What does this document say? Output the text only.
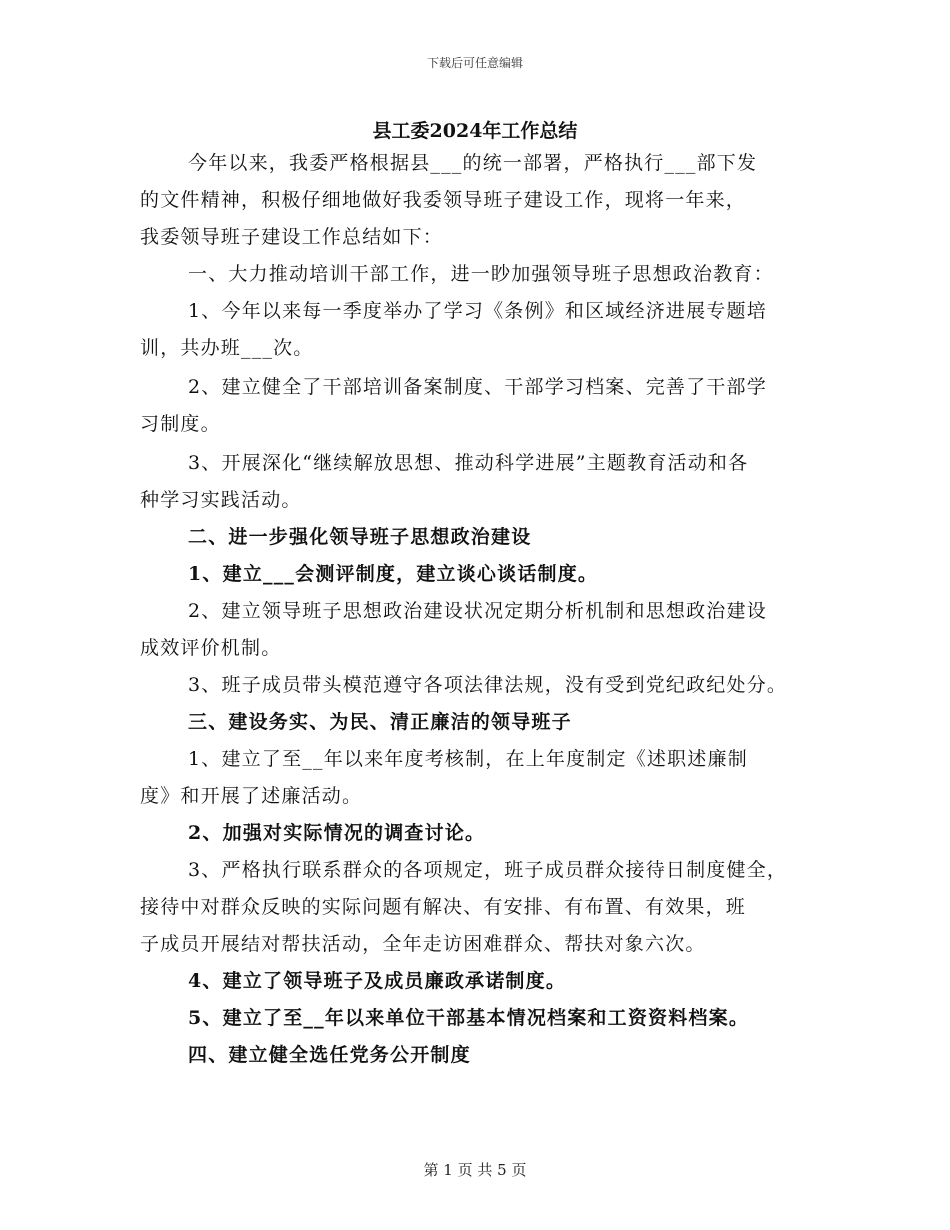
下载后可任意编辑
县工委2024年工作总结
今年以来，我委严格根据县___的统一部署，严格执行___部下发
的文件精神，积极仔细地做好我委领导班子建设工作，现将一年来，
我委领导班子建设工作总结如下：
一、大力推动培训干部工作，进一眇加强领导班子思想政治教育：
1、今年以来每一季度举办了学习《条例》和区域经济进展专题培
训，共办班___次。
2、建立健全了干部培训备案制度、干部学习档案、完善了干部学
习制度。
3、开展深化“继续解放思想、推动科学进展”主题教育活动和各
种学习实践活动。
二、进一步强化领导班子思想政治建设
1、建立___会测评制度，建立谈心谈话制度。
2、建立领导班子思想政治建设状况定期分析机制和思想政治建设
成效评价机制。
3、班子成员带头模范遵守各项法律法规，没有受到党纪政纪处分。
三、建设务实、为民、清正廉洁的领导班子
1、建立了至__年以来年度考核制，在上年度制定《述职述廉制
度》和开展了述廉活动。
2、加强对实际情况的调查讨论。
3、严格执行联系群众的各项规定，班子成员群众接待日制度健全，
接待中对群众反映的实际问题有解决、有安排、有布置、有效果，班
子成员开展结对帮扶活动，全年走访困难群众、帮扶对象六次。
4、建立了领导班子及成员廉政承诺制度。
5、建立了至__年以来单位干部基本情况档案和工资资料档案。
四、建立健全选任党务公开制度
第 1 页 共 5 页
